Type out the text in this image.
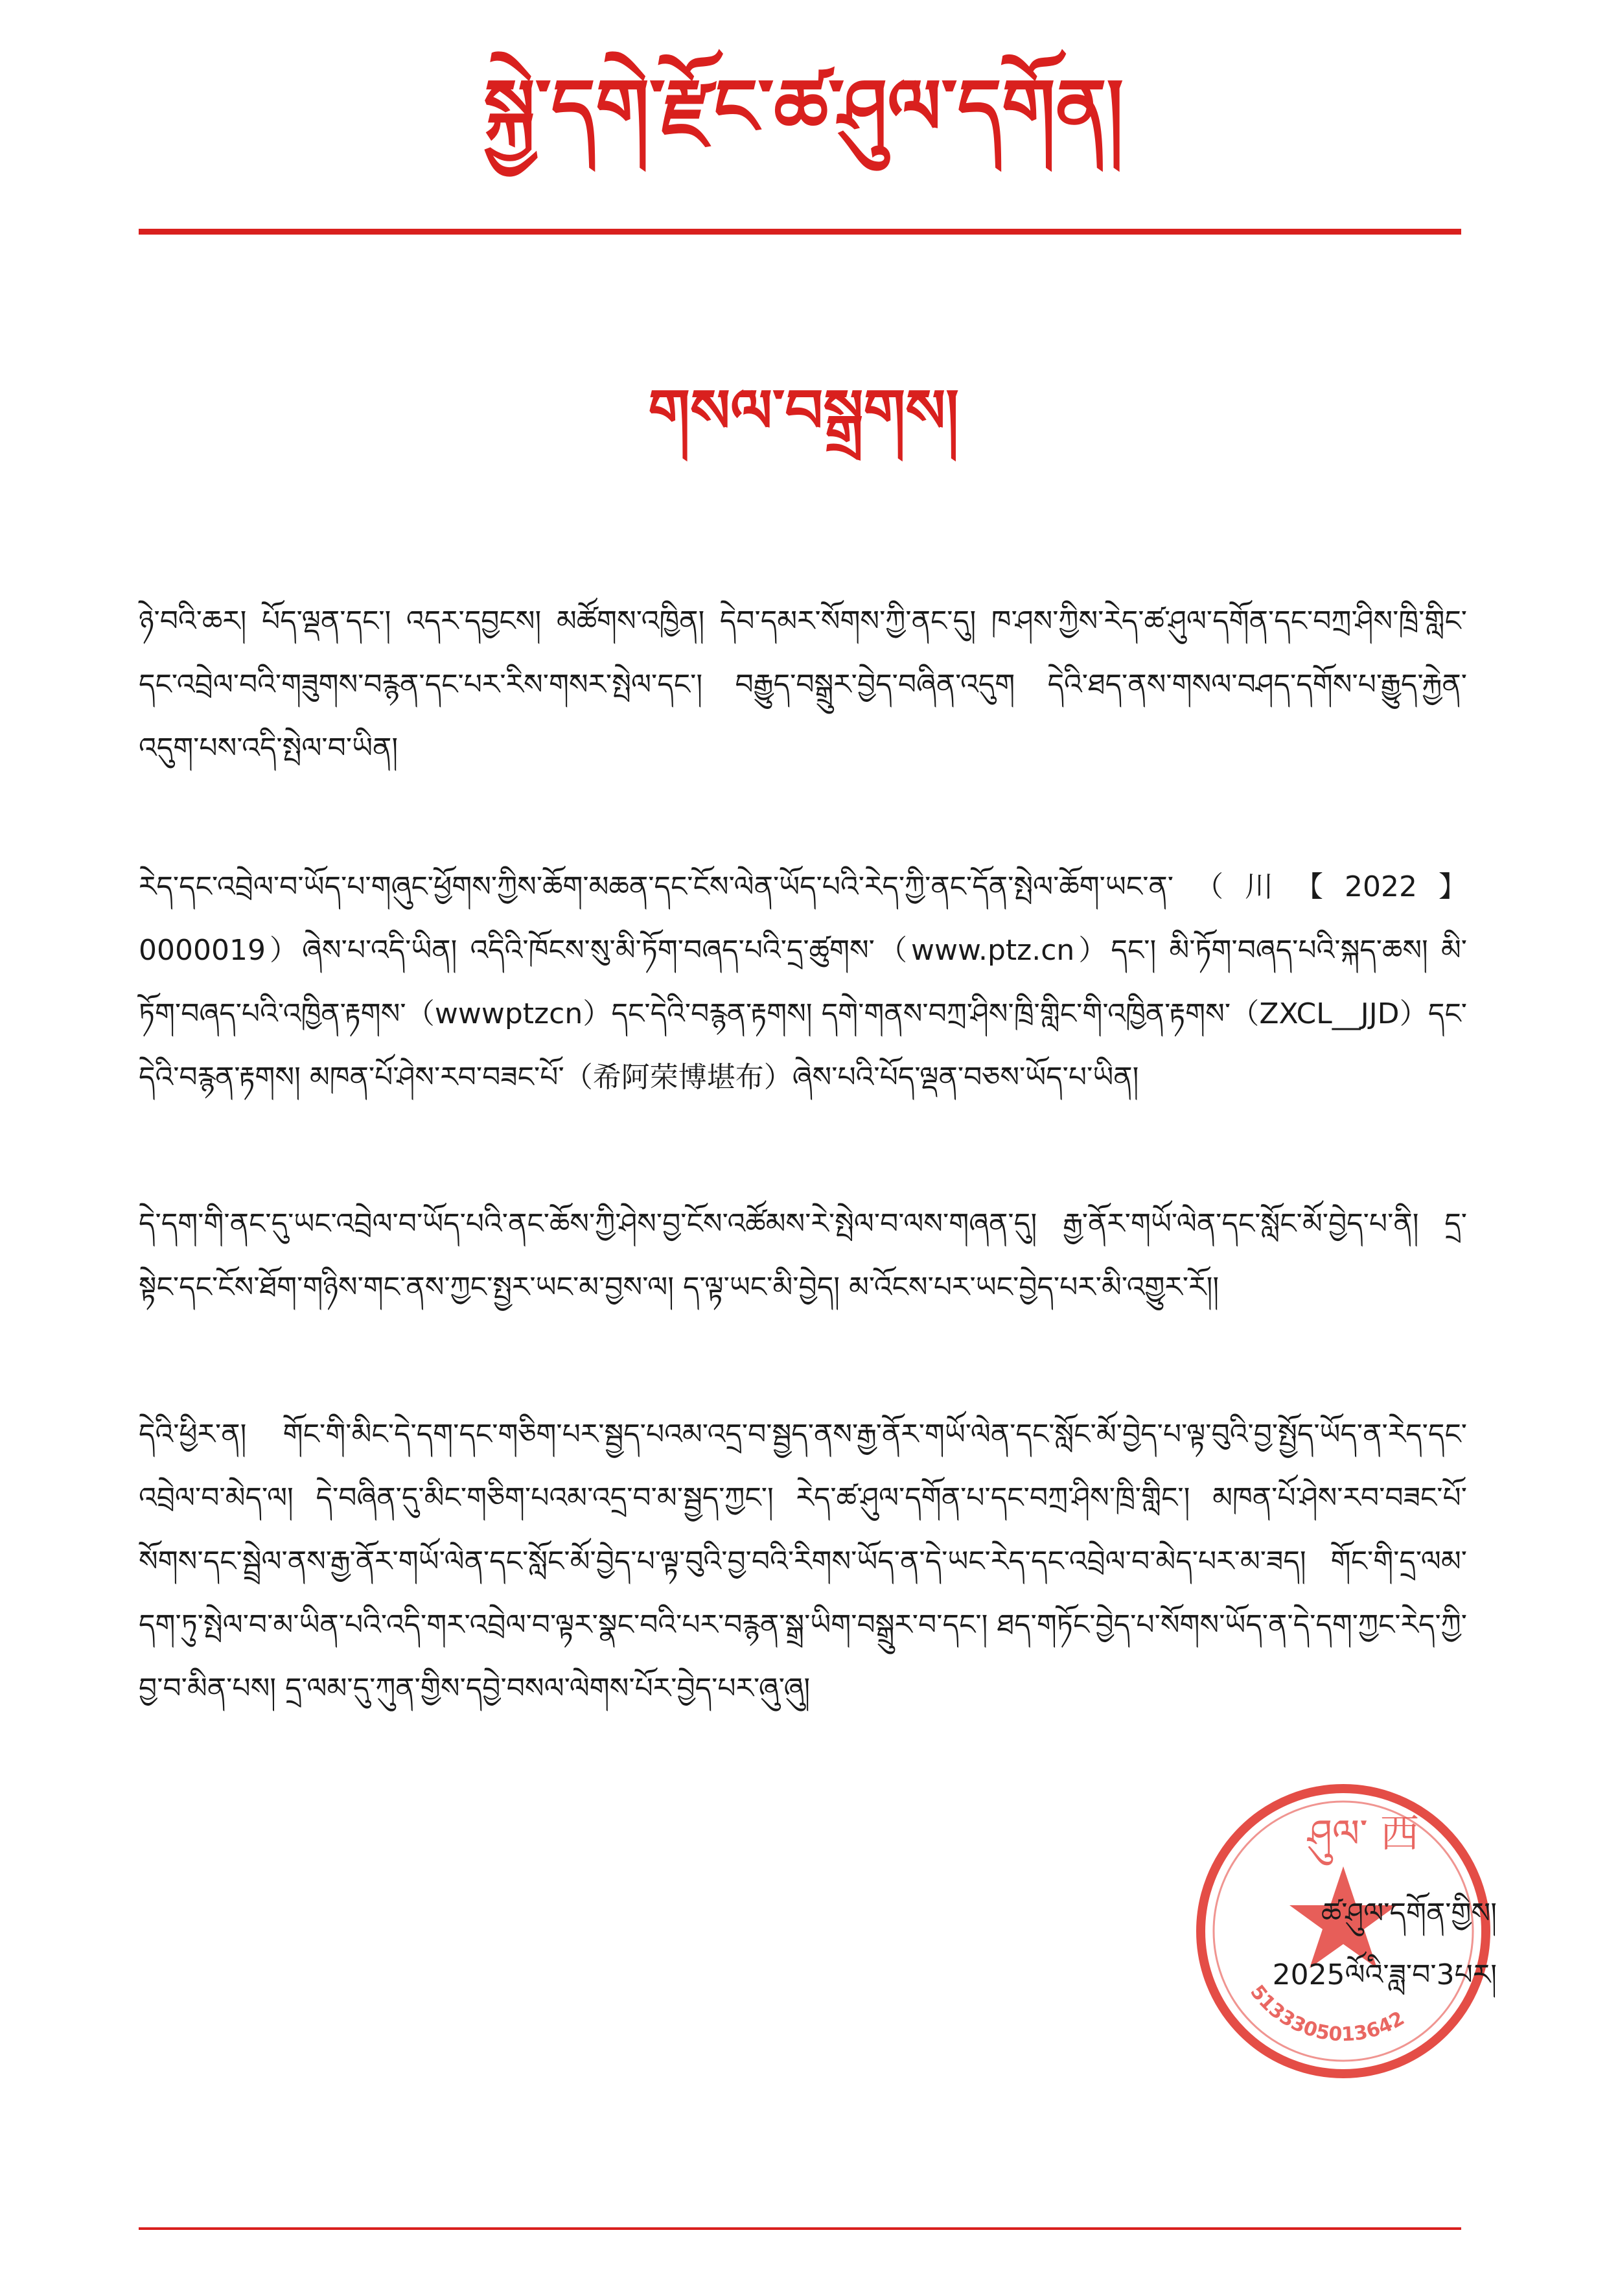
སྐྱེ་དགེ་རྫོང་ཚ་ཤུལ་དགོན།
གསལ་བསྒྲགས།

ཉེ་བའི་ཆར། པོད་ལྡན་དང་། འདར་དབྱངས། མཚོགས་འཁྱིན། དེབ་དམར་སོགས་ཀྱི་ནང་དུ། ཁ་ཤས་ཀྱིས་རེད་ཚ་ཤུལ་དགོན་དང་བཀྲ་ཤིས་ཁྲི་གླིང་དང་འབྲེལ་བའི་གཟུགས་བརྙན་དང་པར་རིས་གསར་སྤེལ་དང་། བརྒྱུད་བསྒྲུར་བྱེད་བཞིན་འདུག དེའི་ཐད་ནས་གསལ་བཤད་དགོས་པ་རྒྱུད་རྐྱེན་འདུག་པས་འདི་སྤེལ་བ་ཡིན།

རེད་དང་འབྲེལ་བ་ཡོད་པ་གཞུང་ཕྱོགས་ཀྱིས་ཆོག་མཆན་དང་ངོས་ལེན་ཡོད་པའི་རེད་ཀྱི་ནང་དོན་སྤེལ་ཆོག་ཡང་ན་（川【2022】0000019）ཞེས་པ་འདི་ཡིན། འདིའི་ཁོངས་སུ་མི་ཏོག་བཞད་པའི་དྲ་ཚུགས་（www.ptz.cn）དང་། མི་ཏོག་བཞད་པའི་སྐད་ཆས། མི་ཏོག་བཞད་པའི་འཁྱིན་རྟགས་（wwwptzcn）དང་དེའི་བརྙན་རྟགས། དགེ་གནས་བཀྲ་ཤིས་ཁྲི་གླིང་གི་འཁྱིན་རྟགས་（ZXCL__JJD）དང་དེའི་བརྙན་རྟགས། མཁན་པོ་ཤེས་རབ་བཟང་པོ་（希阿荣博堪布）ཞེས་པའི་པོད་ལྡན་བཅས་ཡོད་པ་ཡིན།

དེ་དག་གི་ནང་དུ་ཡང་འབྲེལ་བ་ཡོད་པའི་ནང་ཆོས་ཀྱི་ཤེས་བྱ་ངོས་འཚོམས་རེ་སྤེལ་བ་ལས་གཞན་དུ། རྒྱ་ནོར་གཡོ་ལེན་དང་སློང་མོ་བྱེད་པ་ནི། དྲ་སྟེང་དང་ངོས་ཐོག་གཉིས་གང་ནས་ཀྱང་སྤྱར་ཡང་མ་བྱས་ལ། ད་ལྟ་ཡང་མི་བྱེད། མ་འོངས་པར་ཡང་བྱེད་པར་མི་འགྱུར་རོ།།

དེའི་ཕྱིར་ན། གོང་གི་མིང་དེ་དག་དང་གཅིག་པར་སྦྱད་པའམ་འདྲ་བ་སྦྱད་ནས་རྒྱ་ནོར་གཡོ་ལེན་དང་སློང་མོ་བྱེད་པ་ལྟ་བུའི་བྱ་སྤྱོད་ཡོད་ན་རེད་དང་འབྲེལ་བ་མེད་ལ། དེ་བཞིན་དུ་མིང་གཅིག་པའམ་འདྲ་བ་མ་སྦྱད་ཀྱང་། རེད་ཚ་ཤུལ་དགོན་པ་དང་བཀྲ་ཤིས་ཁྲི་གླིང་། མཁན་པོ་ཤེས་རབ་བཟང་པོ་སོགས་དང་སྦྲེལ་ནས་རྒྱ་ནོར་གཡོ་ལེན་དང་སློང་མོ་བྱེད་པ་ལྟ་བུའི་བྱ་བའི་རིགས་ཡོད་ན་དེ་ཡང་རེད་དང་འབྲེལ་བ་མེད་པར་མ་ཟད། གོང་གི་དྲ་ལམ་དག་ཏུ་སྤེལ་བ་མ་ཡིན་པའི་འདི་གར་འབྲེལ་བ་ལྟར་སྣང་བའི་པར་བརྙན་སྒྲ་ཡིག་བསྒྲུར་བ་དང་། ཐད་གཏོང་བྱེད་པ་སོགས་ཡོད་ན་དེ་དག་ཀྱང་རེད་ཀྱི་བྱ་བ་མིན་པས། དྲ་ལམ་དུ་ཀུན་གྱིས་དབྱེ་བསལ་ལེགས་པོར་བྱེད་པར་ཞུ་ཞུ།

ཤུལ་ 西
5133305013642
ཚ་ཤུལ་དགོན་གྱིས།
2025ལོའི་ཟླ་བ་3པར།
